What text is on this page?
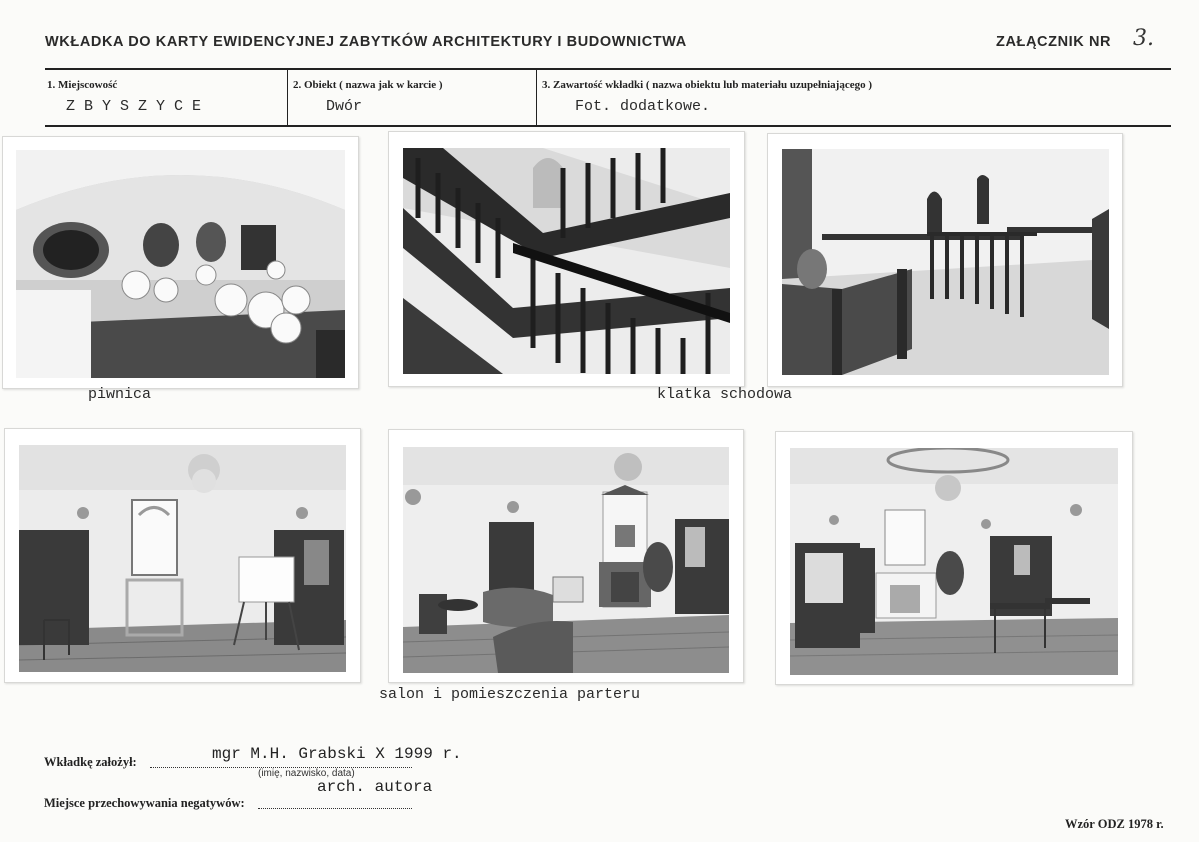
WKŁADKA DO KARTY EWIDENCYJNEJ ZABYTKÓW ARCHITEKTURY I BUDOWNICTWA	ZAŁĄCZNIK NR 3.
1. Miejscowość
Z B Y S Z Y C E
2. Obiekt ( nazwa jak w karcie )
Dwór
3. Zawartość wkładki ( nazwa obiektu lub materiału uzupełniającego )
Fot. dodatkowe.
piwnica	klatka schodowa
salon i pomieszczenia parteru
Wkładkę założył:	mgr M.H. Grabski X 1999 r.
(imię, nazwisko, data)
Miejsce przechowywania negatywów:
arch. autora
Wzór ODZ 1978 r.
